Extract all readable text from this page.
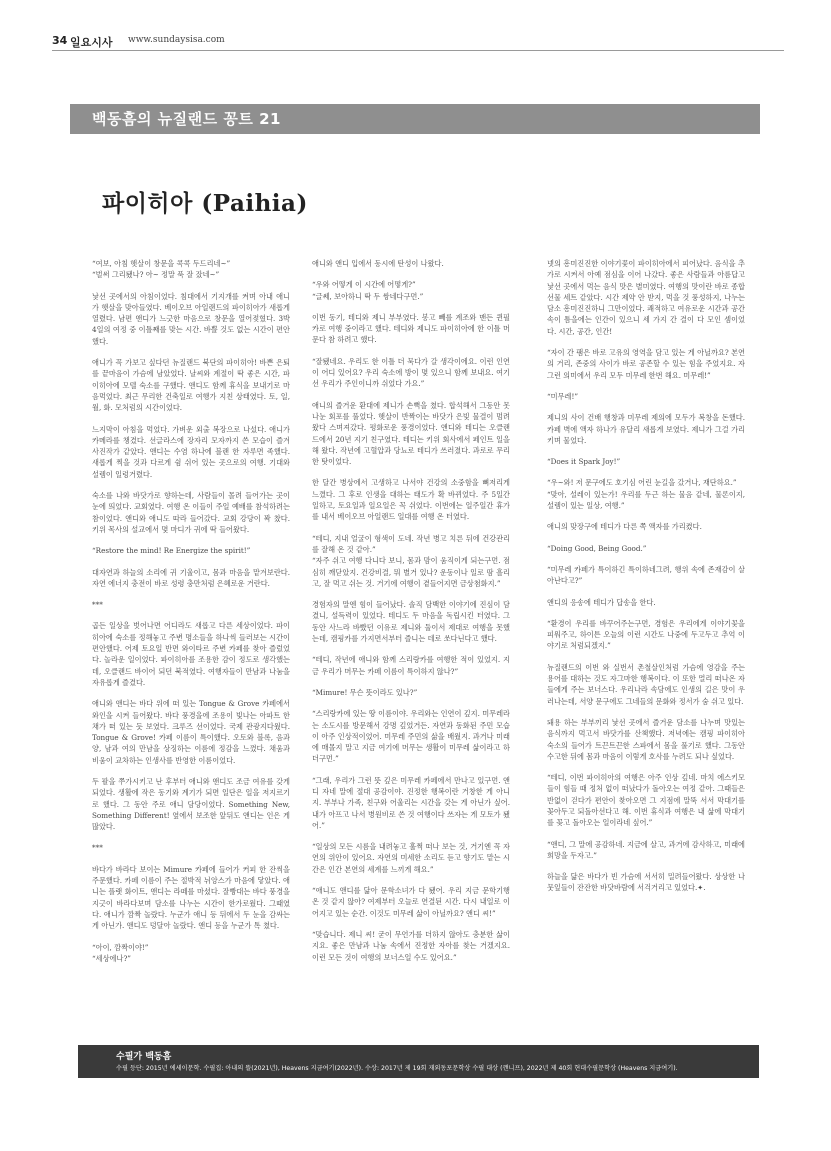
34 일요시사 www.sundaysisa.com
백동흠의 뉴질랜드 꽁트 21
파이히아 (Paihia)

“여보, 아침 햇살이 창문을 콕콕 두드리네~”
“벌써 그리됐나? 아~ 정말 푹 잘 잤네~”

낯선 곳에서의 아침이었다. 침대에서 기지개를 켜며 아내 애니가 햇살을 맞아들였다. 베이오브 아일랜드의 파이히아가 새롭게 열렸다. 남편 앤디가 느긋한 마음으로 창문을 열어젖혔다. 3박 4일의 여정 중 이틀째를 맞는 시간. 바쁠 것도 없는 시간이 편안했다.

애니가 꼭 가보고 싶다던 뉴질랜드 북단의 파이히아! 바쁜 은퇴를 끝마음이 가슴에 남았었다. 날씨와 계절이 딱 좋은 시간, 파이히아에 모텔 숙소를 구했다. 앤디도 함께 휴식을 보내기로 마음먹었다. 최근 무리한 건축일로 여행가 지친 상태였다. 토, 일, 월, 화. 모처럼의 시간이었다.

느지막이 아침을 먹었다. 가벼운 외출 복장으로 나섰다. 애니가 카메라를 챙겼다. 선글라스에 장자리 모자까지 쓴 모습이 즐겨 사진작가 같았다. 앤디는 수염 하나에 블랜 한 자루면 족했다. 새롭게 찍을 것과 다르게 쉼 쉬어 있는 곳으로의 여행. 기대와 설렘이 일렁거렸다.

숙소를 나와 바닷가로 향하는데, 사람들이 몰려 들어가는 곳이 눈에 띄었다. 교회였다. 여행 온 이들이 주일 예배를 참석하려는 참이었다. 앤디와 애니도 따라 들어갔다. 교회 강당이 꽉 찼다. 키위 목사의 설교에서 몇 마디가 귀에 딱 들어왔다.

“Restore the mind! Re Energize the spirit!”

대자연과 하늘의 소리에 귀 기울이고, 몸과 마음을 맡겨보란다. 자연 에너지 충전이 바로 성령 충만처럼 은혜로운 거란다.

***

곱든 일상을 벗어나면 어디라도 새롭고 다른 세상이었다. 파이히아에 숙소를 정해놓고 주변 명소들을 하나씩 들러보는 시간이 편안했다. 어제 토요일 반면 와이타르 주변 카페를 찾아 즐렀었다. 놀라운 일이었다. 파이히아를 조용한 감이 정도로 생각했는데, 오클랜드 바이어 되던 북적였다. 여행자들이 만남과 나눔을 자유롭게 즐겼다.

애니와 앤디는 바다 위에 떠 있는 Tongue & Grove 카페에서 와인을 시켜 들어왔다. 바다 풍경을에 조용이 빛나는 아파트 한 채가 떠 있는 듯 보였다. 크루즈 선이었다. 국제 관광지다웠다. Tongue & Grove! 카페 이름이 특이했다. 오토와 블록, 음과 양, 남과 여의 만남을 상징하는 이름에 정감을 느꼈다. 채움과 비움이 교차하는 인생사를 반영한 이름이었다.

두 팔을 쭈가시키고 난 후부터 애니와 앤디도 조금 여유를 갖게 되었다. 생활에 작은 동기와 계기가 되면 일단은 일을 저지르기로 했다. 그 동안 주로 애니 담당이었다. Something New, Something Different! 옆에서 보조한 앞뒤도 앤디는 인은 게 많았다.

***

바다가 바라다 보이는 Mimure 카페에 들어가 커피 한 잔씩을 주문했다. 카페 이름이 주는 절박적 뉘앙스가 마음에 닿았다. 애니는 플랫 화이트, 앤디는 라떼를 마셨다. 잘빵대는 바다 풍경을 지긋이 바라다보며 담소를 나누는 시간이 한가로웠다. 그때였다. 애니가 깜짝 놀랐다. 누군가 애니 등 뒤에서 두 눈을 감싸는 게 아닌가. 앤디도 덩달아 놀랐다. 앤디 등을 누군가 톡 쳤다.

“아이, 깜짝이야!”
“세상에나?”

애니와 앤디 입에서 동시에 탄성이 나왔다.

“우와 어떻게 이 시간에 어떻게?”
“글쎄, 보아하니 딱 두 쌍네다구먼.”

이번 동기, 테디와 제니 부부였다. 봉고 빼를 계조와 맨든 퀸필카로 여행 중이라고 했다. 테디와 제니도 파이히아에 한 이틀 머문다 참 하려고 했다.

“잘됐네요. 우리도 한 이틀 더 묵다가 갈 생각이에요. 이런 인연이 어디 있어요? 우리 숙소에 방이 몇 있으니 함께 보내요. 여기선 우리가 주인이니까 쉬었다 가요.”

애니의 즐거운 환대에 제니가 손뼉을 쳤다. 합석해서 그동안 못 나눈 회포를 풀었다. 햇살이 반짝이는 바닷가 은빛 물결이 멈려왔다 스며져갔다. 평화로운 풍경이었다. 앤디와 테디는 오클랜드에서 20년 지기 친구였다. 테디는 키위 회사에서 페인트 일을 해 왔다. 작년에 고혈압과 당뇨로 테디가 쓰러졌다. 과로로 무리한 탓이었다.

한 달간 병상에서 고생하고 나서야 건강의 소중함을 뼈저리게 느꼈다. 그 후로 인생을 대하는 태도가 확 바뀌었다. 주 5일간 일하고, 토요일과 일요일은 꼭 쉬었다. 이번에는 일주일간 휴가를 내서 베이오브 아일랜드 일대를 여행 온 터였다.

“테디, 지내 얼굴이 형색이 도네. 작년 병고 치른 뒤에 건강관리를 잘해 온 것 같아.”
“자주 쉬고 여행 다니다 보니, 몸과 맘이 움직이게 되는구먼. 점심히 깨닫았지. 건강비결, 뭐 별거 있나? 운동이나 일로 땀 흘리고, 잘 먹고 쉬는 것. 거기에 여행이 곁들어지면 금상첨화지.”

경험자의 말엔 힘이 들어났다. 솔직 담백한 이야기에 진심이 담겼니, 설득력이 있었다. 테디도 두 마음을 독립시킨 터였다. 그동안 사느라 바빴던 이유로 제니와 둘이서 제대로 여행을 못했는데, 캠핑카를 가지면서부터 즐니는 데로 쏘다닌다고 했다.

“테디, 작년에 애니와 함께 스리랑카를 여행한 적이 있었지. 지금 우리가 머무는 카페 이름이 특이하지 않나?”

“Mimure! 무슨 뜻이라도 있나?”

“스리랑카에 있는 땅 이름이야. 우리와는 인연이 깊지. 미무레라는 소도시를 방문해서 강명 깊었거든. 자연과 동화된 주민 모습이 아주 인상적이었어. 미무레 주민의 삶을 배웠지. 과거나 미래에 매몰지 말고 지금 여기에 머무는 생활이 미무레 삶이라고 하더구먼.”

“그래, 우리가 그런 뜻 깊은 미무레 카페에서 만나고 있구먼. 앤디 자네 말에 절대 공감이야. 진정한 행복이란 거창한 게 아니지. 부부나 가족, 친구와 어울리는 시간을 갖는 게 아닌가 싶어. 내가 아프고 나서 병원비로 쓴 것 여행이다 쓰자는 게 모토가 됐어.”

“일상의 모든 시름을 내려놓고 훌쩍 떠나 보는 것, 거기엔 꼭 자연의 위안이 있어요. 자연의 미세한 소리도 듣고 향기도 맡는 시간은 인간 본연의 세계를 느끼게 해요.”

“애니도 앤디를 닮아 문학소녀가 다 됐어. 우리 지금 문학기행 온 것 같지 않아? 여제부터 오늘로 연결된 시간. 다시 내일로 이어지고 있는 순간. 이것도 미무레 삶이 아닐까요? 앤디 씨!”

“맞습니다. 제니 씨! 굳이 무언가를 더하지 않아도 충분한 삶이지요. 좋은 만남과 나눔 속에서 진정한 자아를 찾는 거겠지요. 이런 모든 것이 여행의 보너스일 수도 있어요.”

넷의 흥미진진한 이야기꽃이 파이히아에서 피어났다. 음식을 추가로 시켜서 아예 점심을 이어 나갔다. 좋은 사람들과 아름답고 낯선 곳에서 먹는 음식 맛은 별미였다. 여행의 맛이란 바로 종합선물 세트 같았다. 시간 제약 안 받지, 먹을 것 풍성하지, 나누는 담소 흥미진진하니 그만이었다. 쾌적하고 여유로운 시간과 공간 속이 틈을에는 인간이 있으니 세 가지 간 결이 다 모인 셈이었다. 시간, 공간, 인간!

“자이 간 팸은 바로 고유의 영역을 담고 있는 게 아닐까요? 본연의 거리, 존중의 사이가 바로 공존할 수 있는 힘을 주었지요. 자 그런 의미에서 우리 모두 미무레 한번 해요. 미무레!”

“미무레!”

제니의 사이 건배 행창과 미무레 제의에 모두가 복창을 돈했다. 카페 벽에 액자 하나가 유달리 새롭게 보였다. 제니가 그걸 가리키며 물었다.

“Does it Spark Joy!”

“우~와! 저 문구에도 호기심 어린 눈길을 갔거나, 재단하요.”
“맞아, 설레이 있는가! 우리를 두근 하는 물음 같네, 물론이지, 설렘이 있는 일상, 여행.”

애니의 맞장구에 테디가 다른 쪽 액자를 가리켰다.

“Doing Good, Being Good.”

“미무레 카페가 특이하긴 특이하네그려, 행위 속에 존재감이 살아난다고?”

앤디의 응송에 테디가 답송을 한다.

“환경이 우리를 바꾸어주는구먼, 경험은 우리에게 이야기꽃을 피워주고, 하이튼 오늘의 이런 시간도 나중에 두고두고 추억 이야기로 처럼되겠지.”

뉴질랜드의 이번 와 실번서 촌철살인처럼 가슴에 영감을 주는 용어를 대하는 것도 자그마한 행복이다. 이 또한 멀리 떠나온 자들에게 주는 보너스다. 우리나라 속담에도 인생의 길은 맛이 우러나는데, 서양 문구에도 그네들의 문화와 정서가 숨 쉬고 있다.

돼용 하는 부부끼리 낯선 곳에서 즐거운 담소를 나누며 맛있는 음식까지 먹고서 바닷가를 산책했다. 저녁에는 캠핑 파이히아 숙소의 들어가 트끈트끈한 스파에서 몸을 풀기로 했다. 그동안 수고한 뒤에 몸과 마음이 이렇게 호사를 누려도 되나 싶었다.

“테디, 이번 파이히아의 여행은 아주 인상 깊네. 마치 에스키모들이 힘들 때 정처 없이 떠났다가 돌아오는 여정 같아. 그때들은 반없이 걷다가 편안이 찾아오면 그 지점에 말뚝 서서 막대기를 꽂아두고 되돌아선다고 해. 이번 휴식과 여행은 내 삶에 막대기를 꽂고 돌아오는 일이라네 싶어.”

“앤디, 그 말에 공감하네. 지금에 살고, 과거에 감사하고, 미래에 희망을 두자고.”

하늘을 닮은 바다가 빈 가슴에 서서히 밀려들어왔다. 상상한 나뭇잎들이 잔잔한 바닷바람에 서걱거리고 있었다.✦.

수필가 백동흠
수필 등단: 2015년 에세이문학. 수필집: 아내의 뜰(2021년), Heavens 지금여기(2022년). 수상: 2017년 제 19회 재외동포문학상 수필 대상 (깬니프), 2022년 제 40회 현대수필문학상 (Heavens 지금여기).
